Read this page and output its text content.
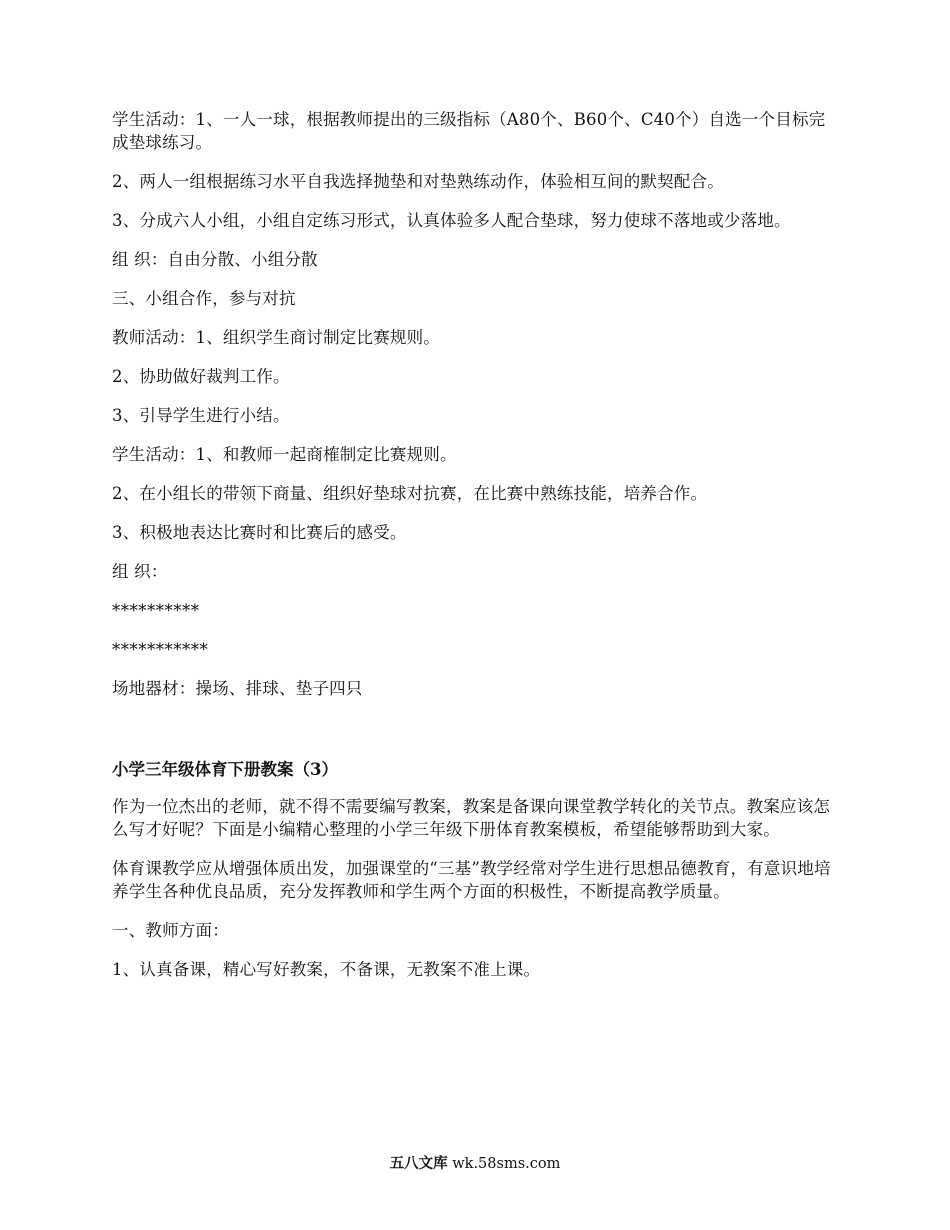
学生活动：1、一人一球，根据教师提出的三级指标（A80个、B60个、C40个）自选一个目标完成垫球练习。

2、两人一组根据练习水平自我选择抛垫和对垫熟练动作，体验相互间的默契配合。

3、分成六人小组，小组自定练习形式，认真体验多人配合垫球，努力使球不落地或少落地。

组 织：自由分散、小组分散

三、小组合作，参与对抗

教师活动：1、组织学生商讨制定比赛规则。

2、协助做好裁判工作。

3、引导学生进行小结。

学生活动：1、和教师一起商榷制定比赛规则。

2、在小组长的带领下商量、组织好垫球对抗赛，在比赛中熟练技能，培养合作。

3、积极地表达比赛时和比赛后的感受。

组 织：

**********

***********

场地器材：操场、排球、垫子四只

小学三年级体育下册教案（3）

作为一位杰出的老师，就不得不需要编写教案，教案是备课向课堂教学转化的关节点。教案应该怎么写才好呢？下面是小编精心整理的小学三年级下册体育教案模板，希望能够帮助到大家。

体育课教学应从增强体质出发，加强课堂的“三基”教学经常对学生进行思想品德教育，有意识地培养学生各种优良品质，充分发挥教师和学生两个方面的积极性，不断提高教学质量。

一、教师方面：

1、认真备课，精心写好教案，不备课，无教案不准上课。

五八文库 wk.58sms.com
